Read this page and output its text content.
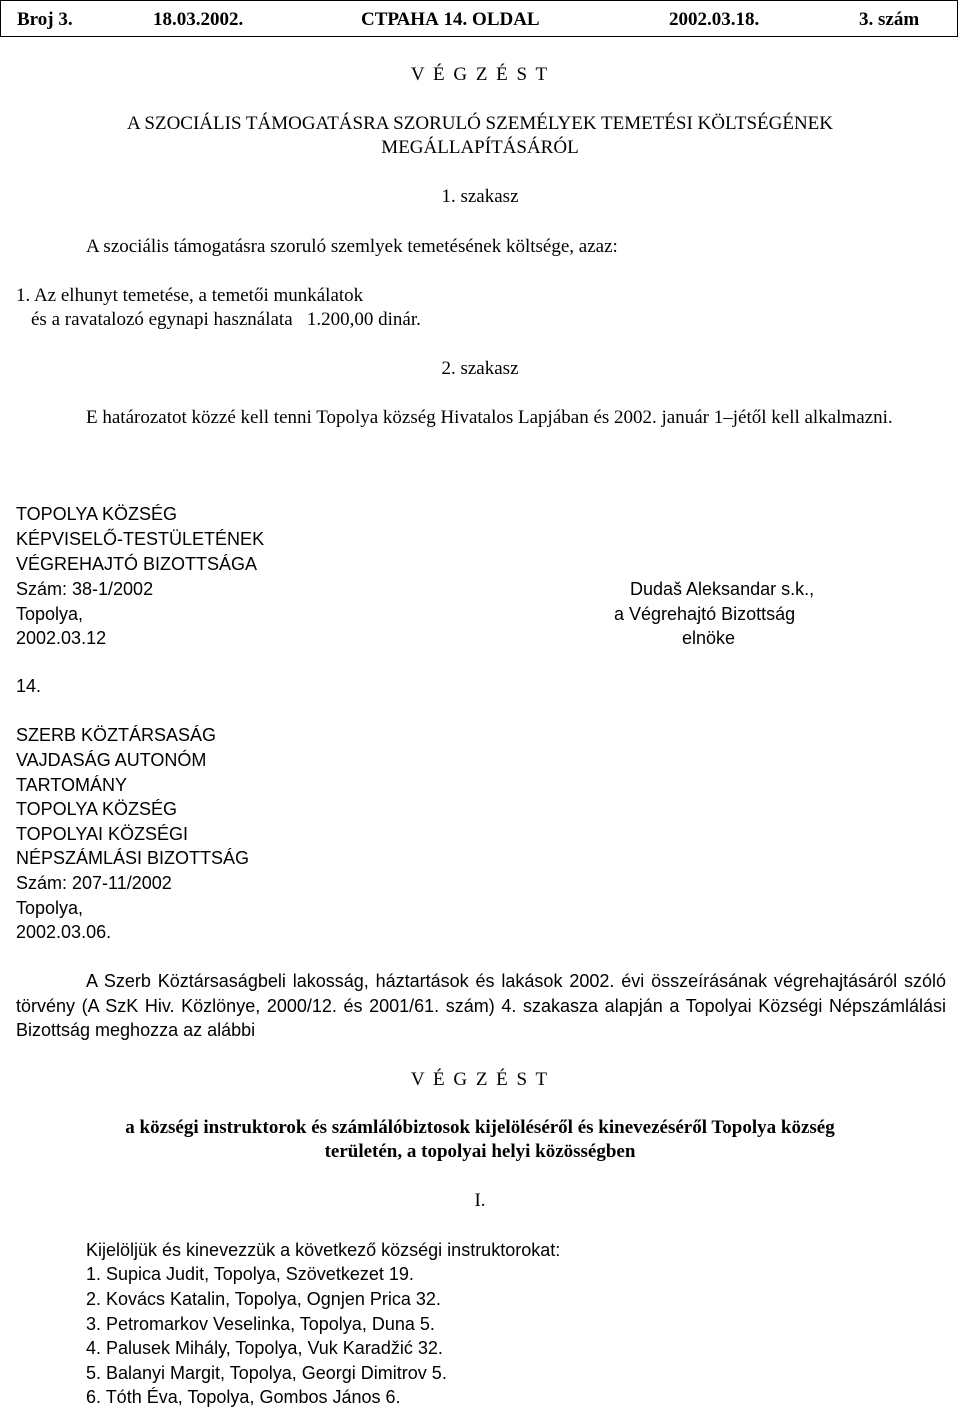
Broj 3.	18.03.2002.	СТРАНА 14. OLDAL	2002.03.18.	3. szám
V É G Z É S T
A SZOCIÁLIS TÁMOGATÁSRA SZORULÓ SZEMÉLYEK TEMETÉSI KÖLTSÉGÉNEK
MEGÁLLAPÍTÁSÁRÓL
1. szakasz
A szociális támogatásra szoruló szemlyek temetésének költsége, azaz:
1. Az elhunyt temetése, a temetői munkálatok
és a ravatalozó egynapi használata   1.200,00 dinár.
2. szakasz
E határozatot közzé kell tenni Topolya község Hivatalos Lapjában és 2002. január 1–jétől kell alkalmazni.
TOPOLYA KÖZSÉG
KÉPVISELŐ-TESTÜLETÉNEK
VÉGREHAJTÓ BIZOTTSÁGA
Szám: 38-1/2002
Topolya,
2002.03.12
Dudaš Aleksandar s.k.,
a Végrehajtó Bizottság
elnöke
14.
SZERB KÖZTÁRSASÁG
VAJDASÁG AUTONÓM
TARTOMÁNY
TOPOLYA KÖZSÉG
TOPOLYAI KÖZSÉGI
NÉPSZÁMLÁSI BIZOTTSÁG
Szám: 207-11/2002
Topolya,
2002.03.06.
A Szerb Köztársaságbeli lakosság, háztartások és lakások 2002. évi összeírásának végrehajtásáról szóló törvény (A SzK Hiv. Közlönye, 2000/12. és 2001/61. szám) 4. szakasza alapján a Topolyai Községi Népszámlálási Bizottság meghozza az alábbi
V É G Z É S T
a községi instruktorok és számlálóbiztosok kijelöléséről és kinevezéséről Topolya község
területén, a topolyai helyi közösségben
I.
Kijelöljük és kinevezzük a következő községi instruktorokat:
1. Supica Judit, Topolya, Szövetkezet 19.
2. Kovács Katalin, Topolya, Ognjen Prica 32.
3. Petromarkov Veselinka, Topolya, Duna 5.
4. Palusek Mihály, Topolya, Vuk Karadžić 32.
5. Balanyi Margit, Topolya, Georgi Dimitrov 5.
6. Tóth Éva, Topolya, Gombos János 6.
